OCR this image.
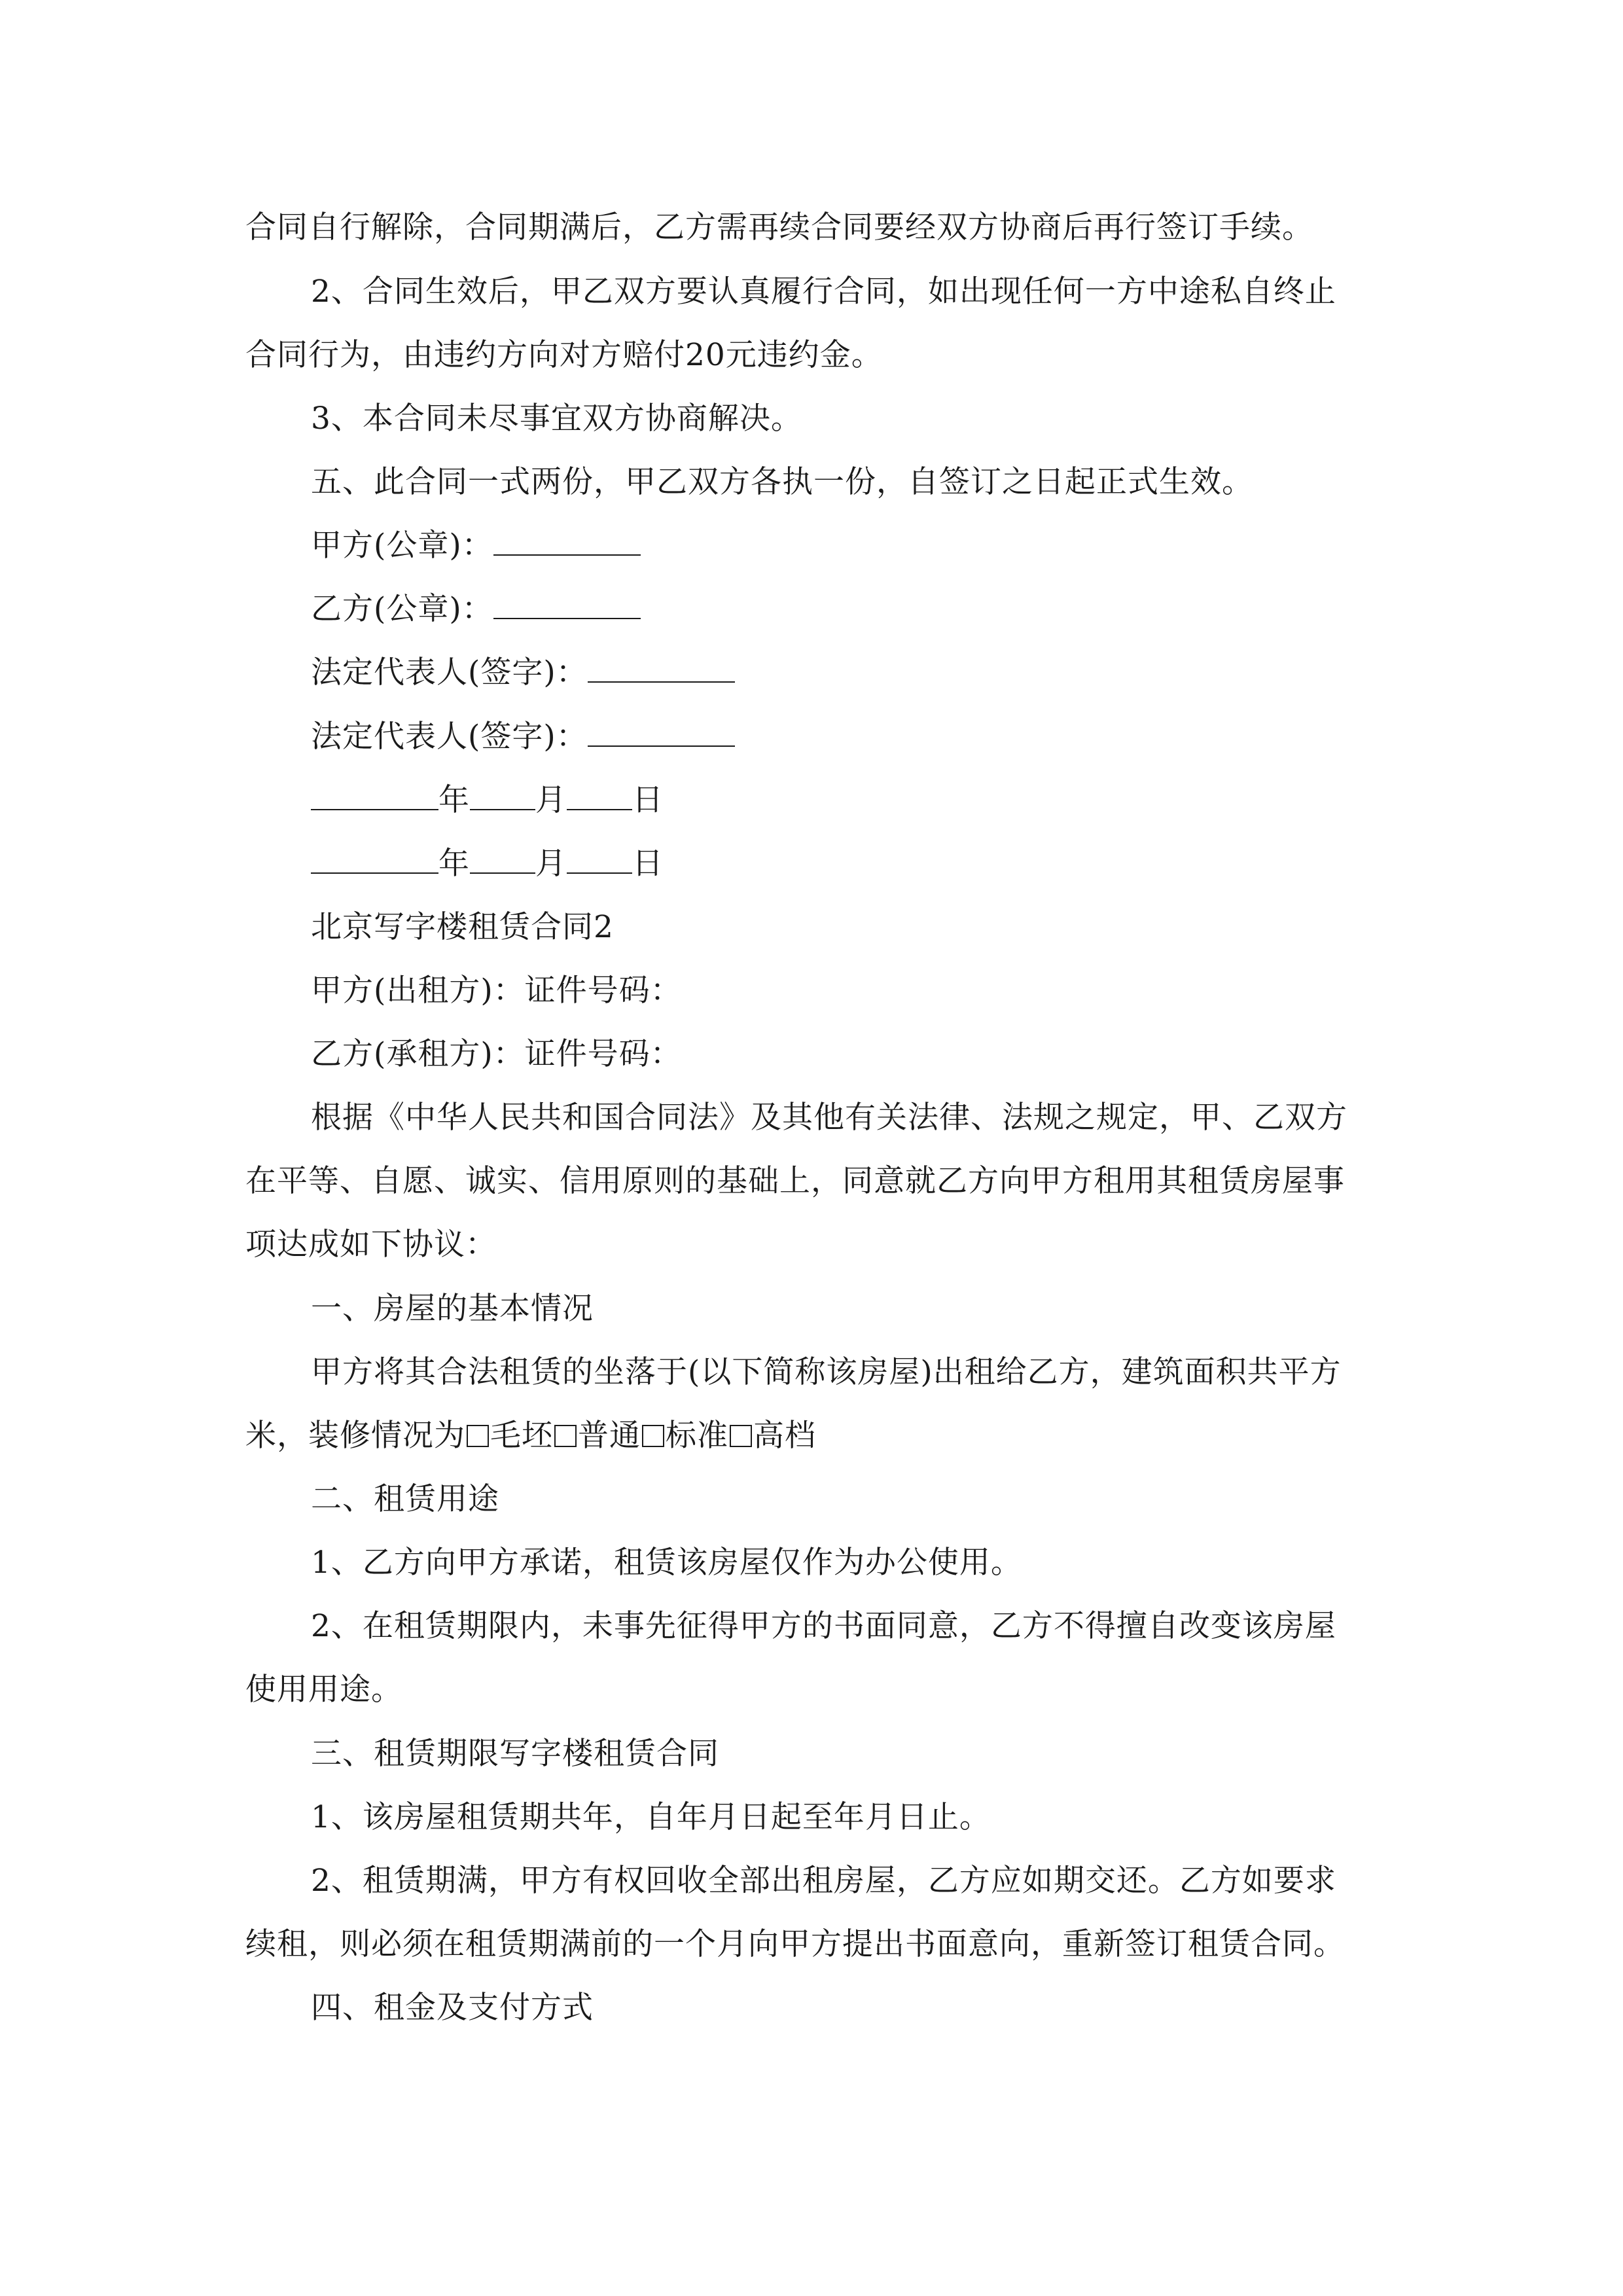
合同自行解除，合同期满后，乙方需再续合同要经双方协商后再行签订手续。
2、合同生效后，甲乙双方要认真履行合同，如出现任何一方中途私自终止
合同行为，由违约方向对方赔付20元违约金。
3、本合同未尽事宜双方协商解决。
五、此合同一式两份，甲乙双方各执一份，自签订之日起正式生效。
甲方(公章)：
乙方(公章)：
法定代表人(签字)：
法定代表人(签字)：
年 月 日
年 月 日
北京写字楼租赁合同2
甲方(出租方)：证件号码：
乙方(承租方)：证件号码：
根据《中华人民共和国合同法》及其他有关法律、法规之规定，甲、乙双方
在平等、自愿、诚实、信用原则的基础上，同意就乙方向甲方租用其租赁房屋事
项达成如下协议：
一、房屋的基本情况
甲方将其合法租赁的坐落于(以下简称该房屋)出租给乙方，建筑面积共平方
米，装修情况为 毛坯 普通 标准 高档
二、租赁用途
1、乙方向甲方承诺，租赁该房屋仅作为办公使用。
2、在租赁期限内，未事先征得甲方的书面同意，乙方不得擅自改变该房屋
使用用途。
三、租赁期限写字楼租赁合同
1、该房屋租赁期共年，自年月日起至年月日止。
2、租赁期满，甲方有权回收全部出租房屋，乙方应如期交还。乙方如要求
续租，则必须在租赁期满前的一个月向甲方提出书面意向，重新签订租赁合同。
四、租金及支付方式
